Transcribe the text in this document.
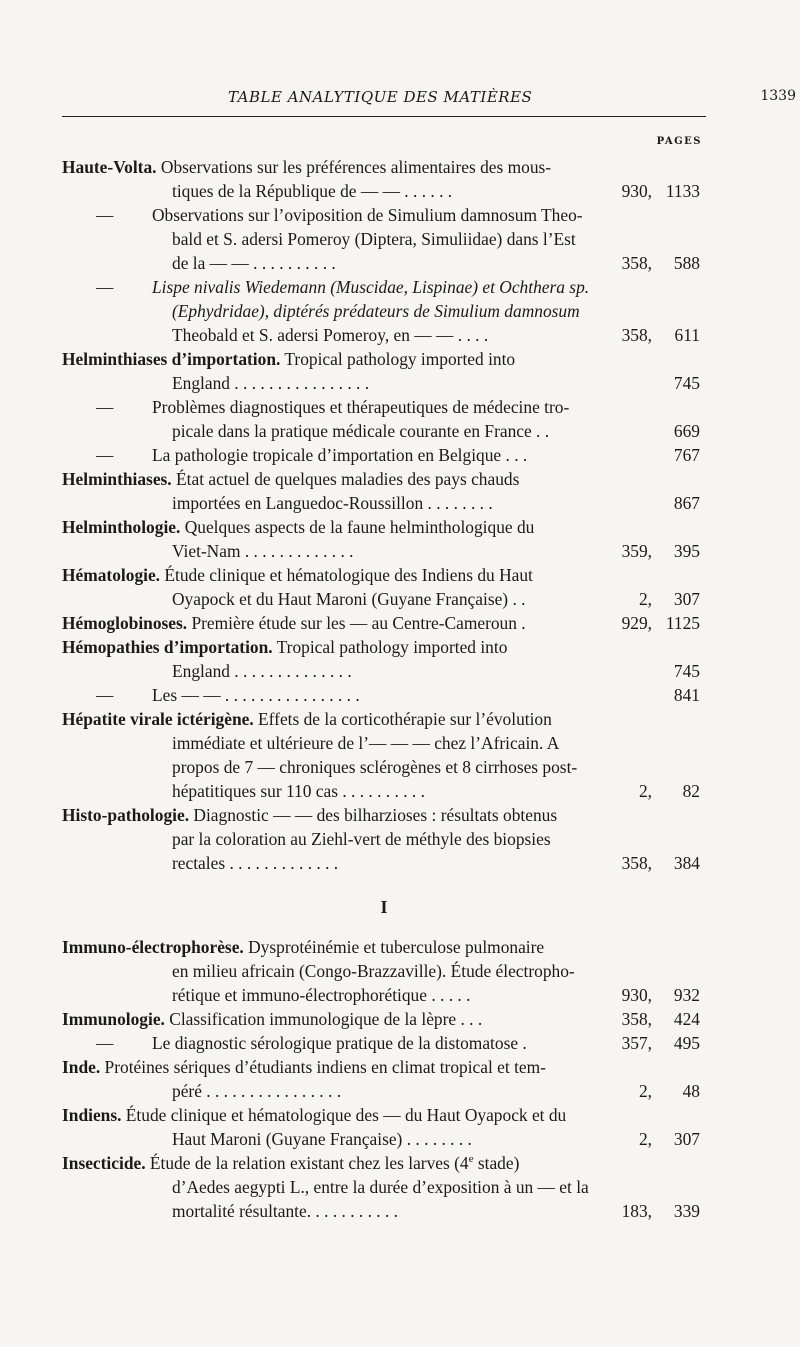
TABLE ANALYTIQUE DES MATIÈRES	1339
PAGES
Haute-Volta. Observations sur les préférences alimentaires des mous-
tiques de la République de — — . . . . . .	930, 1133
— Observations sur l’oviposition de Simulium damnosum Theo-
bald et S. adersi Pomeroy (Diptera, Simuliidae) dans l’Est
de la — — . . . . . . . . . .	358, 588
— Lispe nivalis Wiedemann (Muscidae, Lispinae) et Ochthera sp.
(Ephydridae), diptérés prédateurs de Simulium damnosum
Theobald et S. adersi Pomeroy, en — — . . . .	358, 611
Helminthiases d’importation. Tropical pathology imported into
England . . . . . . . . . . . . . . . .	745
— Problèmes diagnostiques et thérapeutiques de médecine tro-
picale dans la pratique médicale courante en France . .	669
— La pathologie tropicale d’importation en Belgique . . .	767
Helminthiases. État actuel de quelques maladies des pays chauds
importées en Languedoc-Roussillon . . . . . . . .	867
Helminthologie. Quelques aspects de la faune helminthologique du
Viet-Nam . . . . . . . . . . . . .	359, 395
Hématologie. Étude clinique et hématologique des Indiens du Haut
Oyapock et du Haut Maroni (Guyane Française) . .	2, 307
Hémoglobinoses. Première étude sur les — au Centre-Cameroun .	929, 1125
Hémopathies d’importation. Tropical pathology imported into
England . . . . . . . . . . . . . .	745
— Les — — . . . . . . . . . . . . . . . .	841
Hépatite virale ictérigène. Effets de la corticothérapie sur l’évolution
immédiate et ultérieure de l’— — — chez l’Africain. A
propos de 7 — chroniques sclérogènes et 8 cirrhoses post-
hépatitiques sur 110 cas . . . . . . . . . .	2, 82
Histo-pathologie. Diagnostic — — des bilharzioses : résultats obtenus
par la coloration au Ziehl-vert de méthyle des biopsies
rectales . . . . . . . . . . . . .	358, 384
I
Immuno-électrophorèse. Dysprotéinémie et tuberculose pulmonaire
en milieu africain (Congo-Brazzaville). Étude électropho-
rétique et immuno-électrophorétique . . . . .	930, 932
Immunologie. Classification immunologique de la lèpre . . .	358, 424
— Le diagnostic sérologique pratique de la distomatose .	357, 495
Inde. Protéines sériques d’étudiants indiens en climat tropical et tem-
péré . . . . . . . . . . . . . . . .	2, 48
Indiens. Étude clinique et hématologique des — du Haut Oyapock et du
Haut Maroni (Guyane Française) . . . . . . . .	2, 307
Insecticide. Étude de la relation existant chez les larves (4e stade)
d’Aedes aegypti L., entre la durée d’exposition à un — et la
mortalité résultante. . . . . . . . . . .	183, 339
